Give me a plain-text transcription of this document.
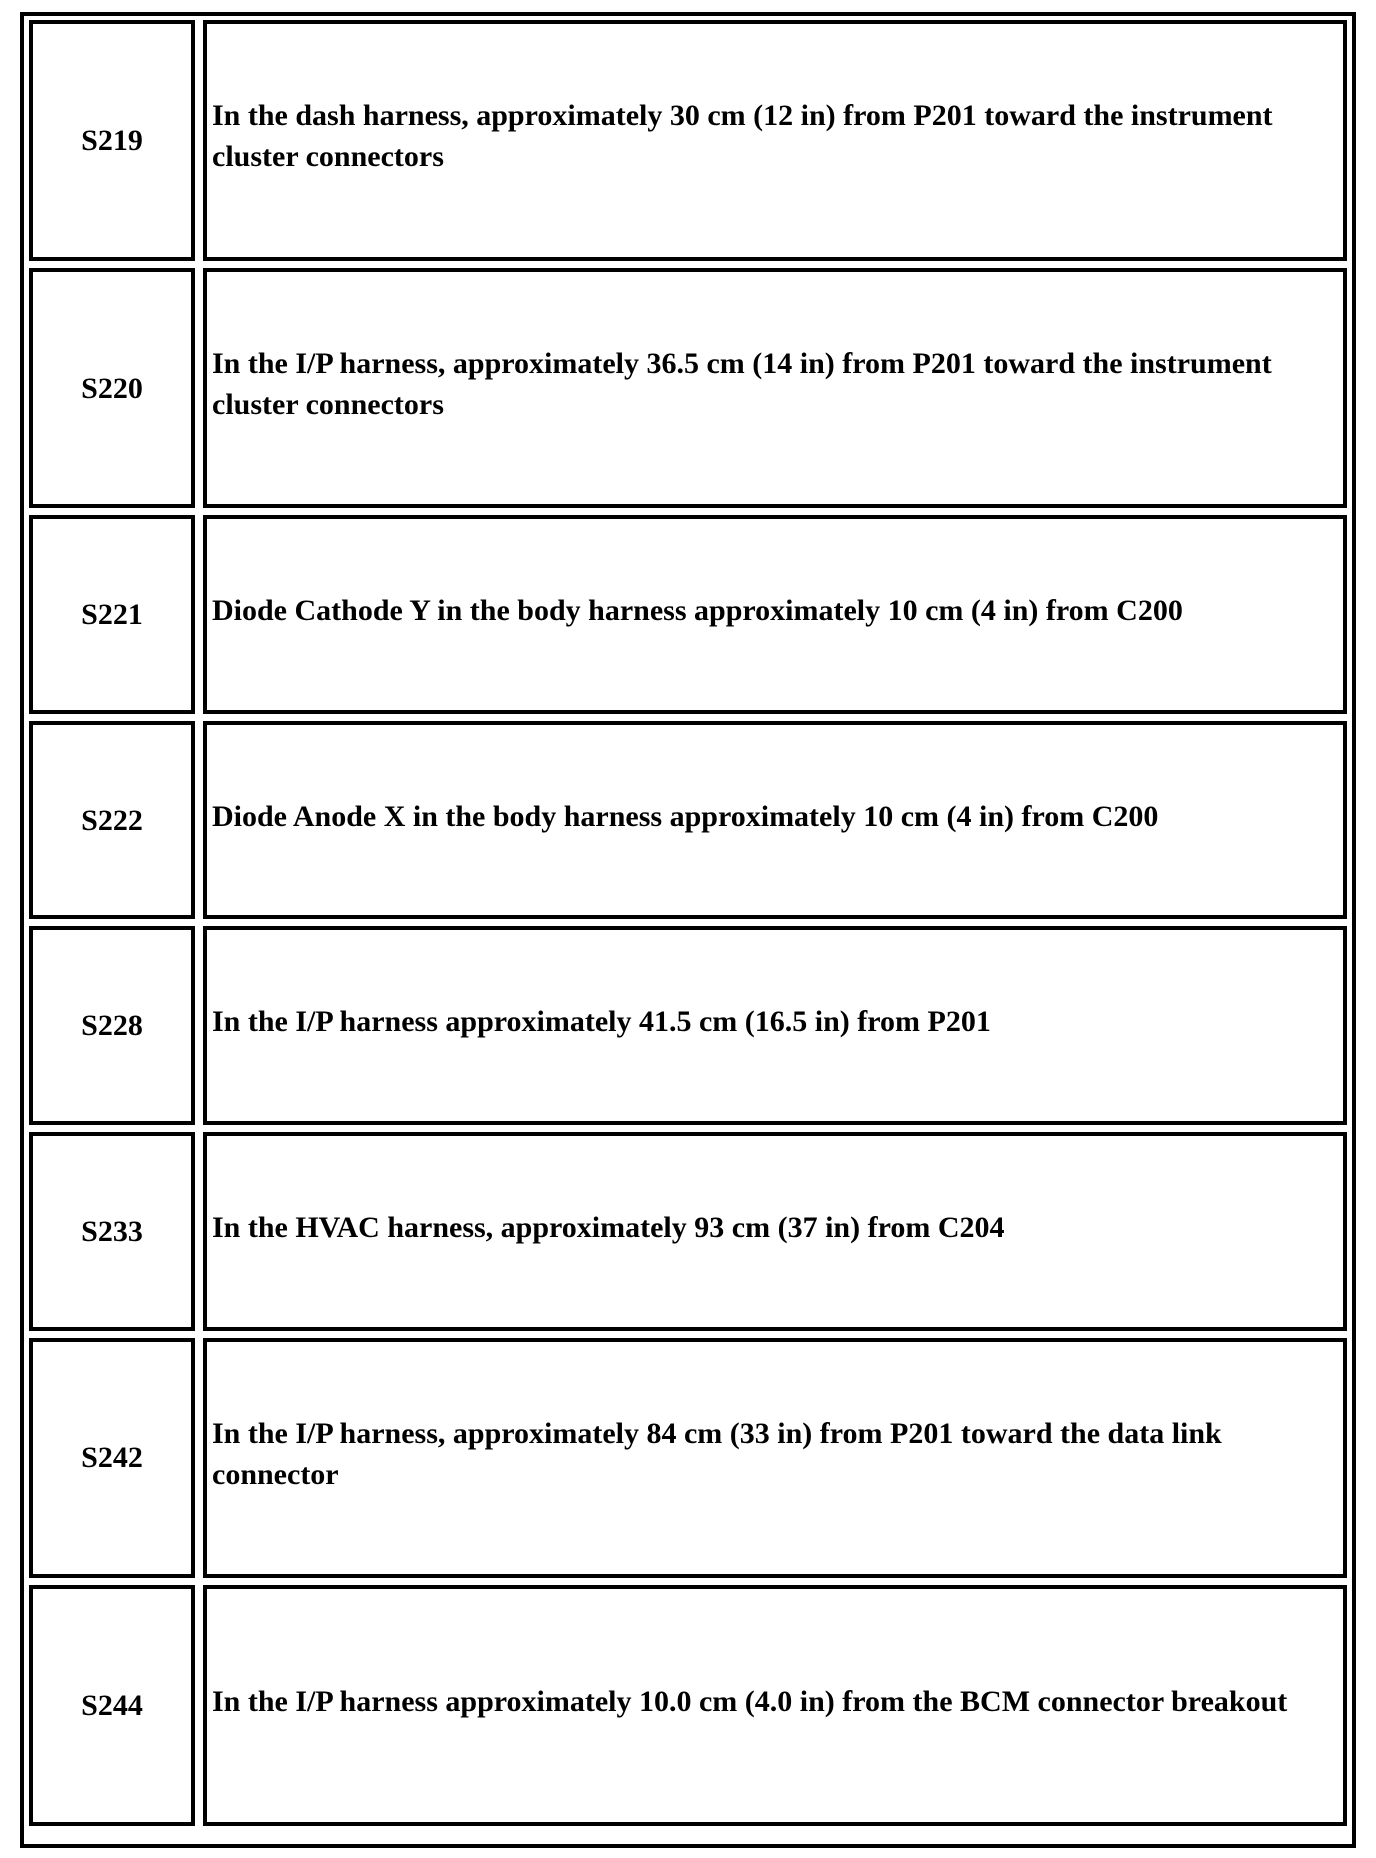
S219		In the dash harness, approximately 30 cm (12 in) from P201 toward the instrument cluster connectors
S220		In the I/P harness, approximately 36.5 cm (14 in) from P201 toward the instrument cluster connectors
S221		Diode Cathode Y in the body harness approximately 10 cm (4 in) from C200
S222		Diode Anode X in the body harness approximately 10 cm (4 in) from C200
S228		In the I/P harness approximately 41.5 cm (16.5 in) from P201
S233		In the HVAC harness, approximately 93 cm (37 in) from C204
S242		In the I/P harness, approximately 84 cm (33 in) from P201 toward the data link connector
S244		In the I/P harness approximately 10.0 cm (4.0 in) from the BCM connector breakout
